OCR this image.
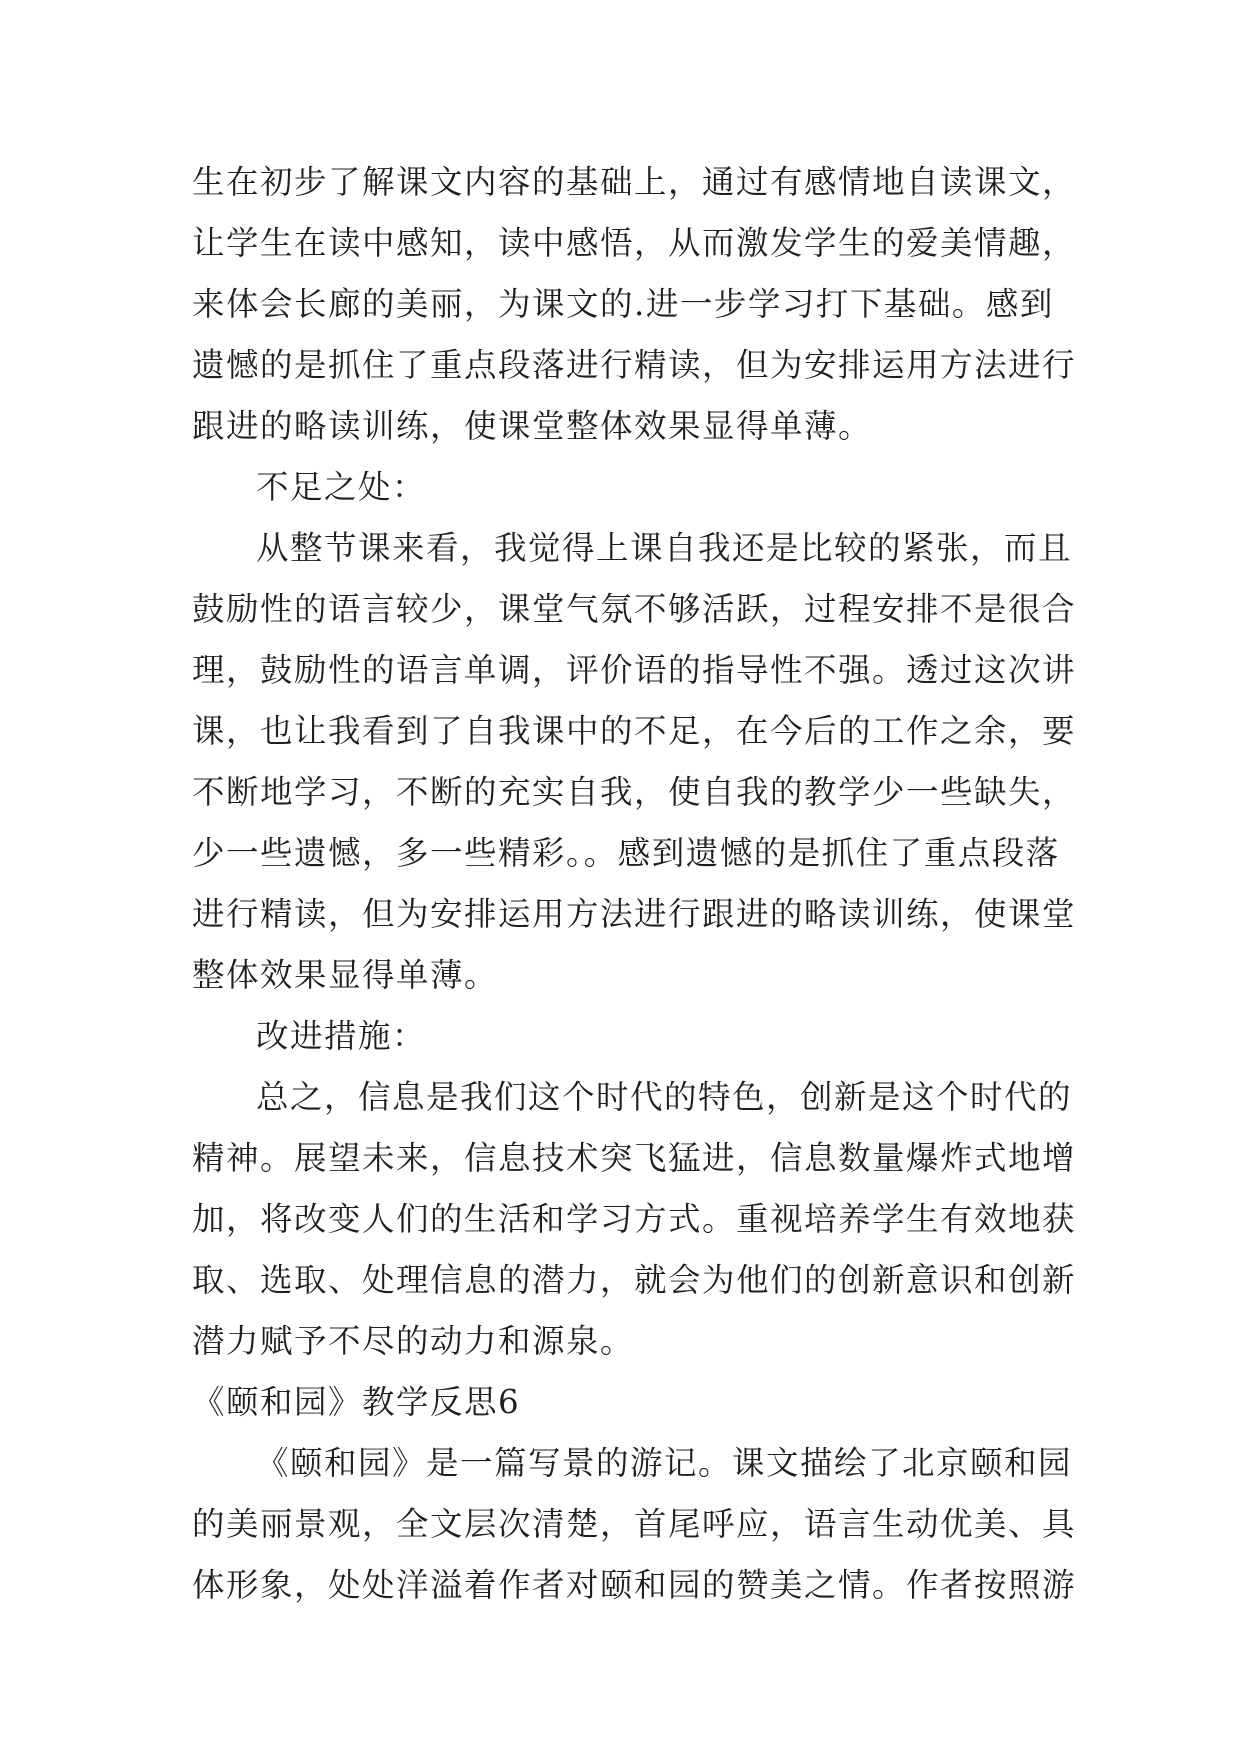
生在初步了解课文内容的基础上，通过有感情地自读课文，
让学生在读中感知，读中感悟，从而激发学生的爱美情趣，
来体会长廊的美丽，为课文的.进一步学习打下基础。感到
遗憾的是抓住了重点段落进行精读，但为安排运用方法进行
跟进的略读训练，使课堂整体效果显得单薄。
不足之处：
从整节课来看，我觉得上课自我还是比较的紧张，而且
鼓励性的语言较少，课堂气氛不够活跃，过程安排不是很合
理，鼓励性的语言单调，评价语的指导性不强。透过这次讲
课，也让我看到了自我课中的不足，在今后的工作之余，要
不断地学习，不断的充实自我，使自我的教学少一些缺失，
少一些遗憾，多一些精彩。。感到遗憾的是抓住了重点段落
进行精读，但为安排运用方法进行跟进的略读训练，使课堂
整体效果显得单薄。
改进措施：
总之，信息是我们这个时代的特色，创新是这个时代的
精神。展望未来，信息技术突飞猛进，信息数量爆炸式地增
加，将改变人们的生活和学习方式。重视培养学生有效地获
取、选取、处理信息的潜力，就会为他们的创新意识和创新
潜力赋予不尽的动力和源泉。
《颐和园》教学反思6
《颐和园》是一篇写景的游记。课文描绘了北京颐和园
的美丽景观，全文层次清楚，首尾呼应，语言生动优美、具
体形象，处处洋溢着作者对颐和园的赞美之情。作者按照游
